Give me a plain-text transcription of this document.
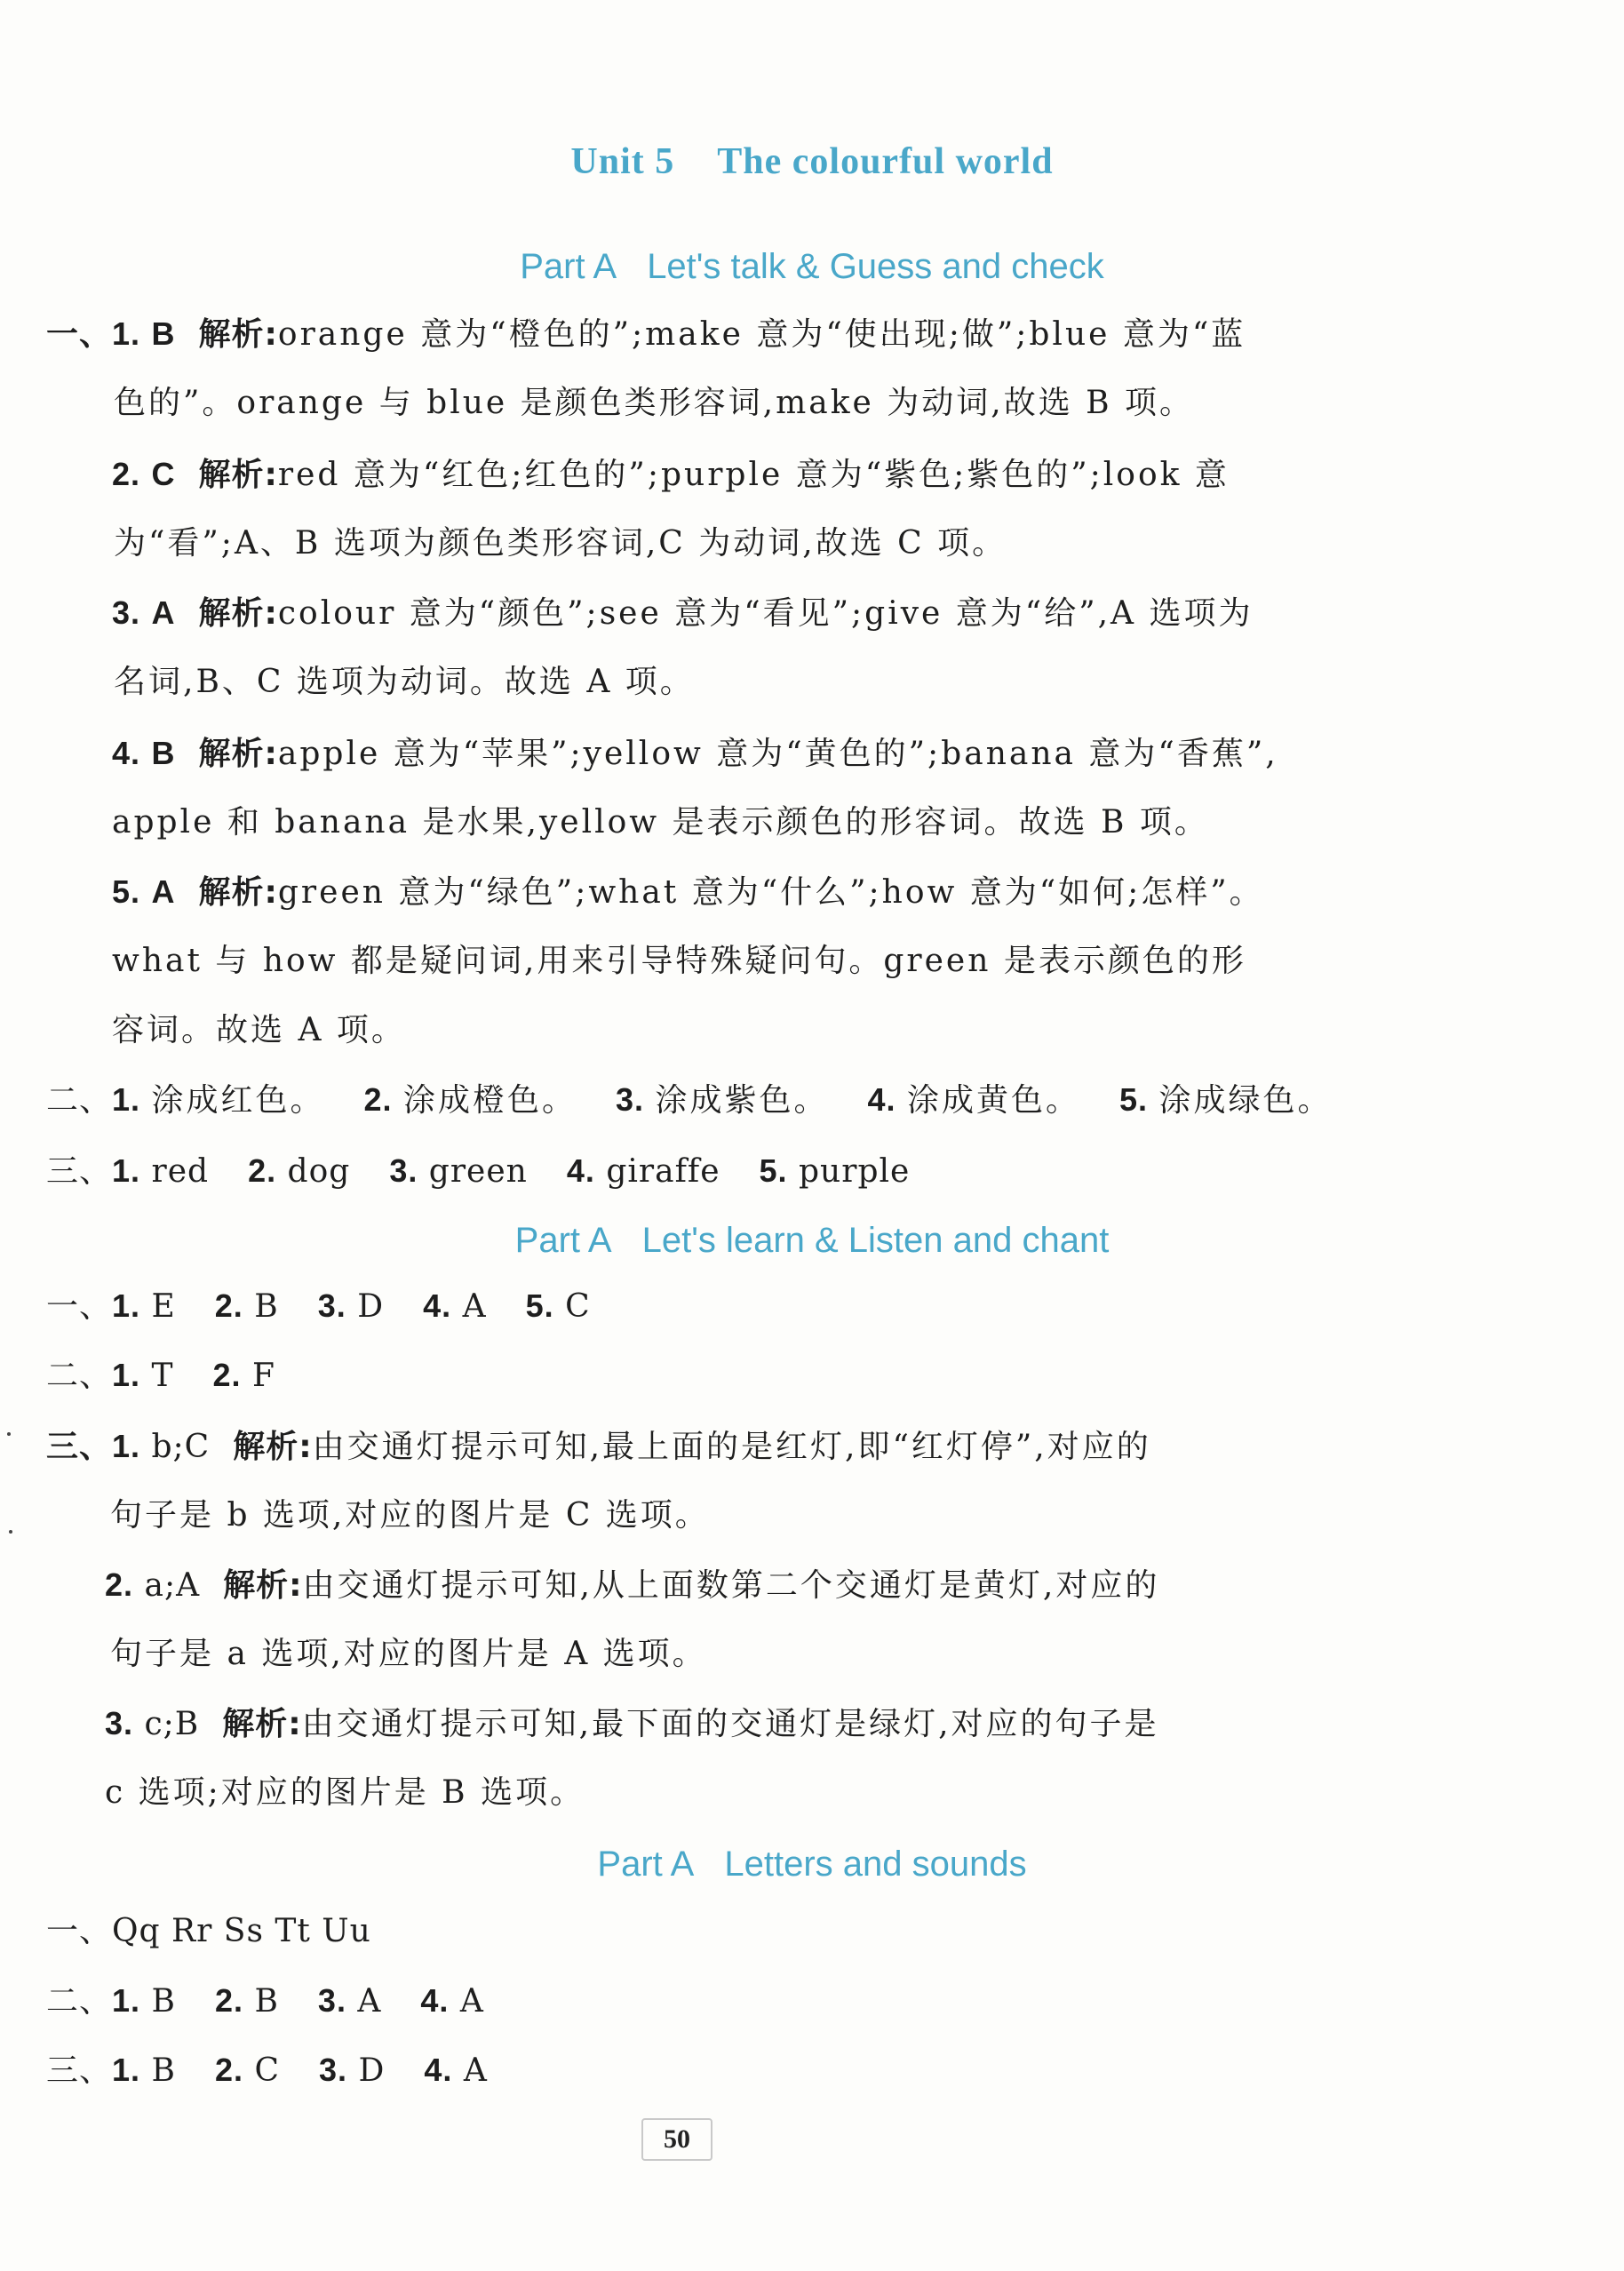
Unit 5 The colourful world
Part A Let's talk & Guess and check
一、1. B 解析:orange 意为“橙色的”;make 意为“使出现;做”;blue 意为“蓝
色的”。orange 与 blue 是颜色类形容词,make 为动词,故选 B 项。
2. C 解析:red 意为“红色;红色的”;purple 意为“紫色;紫色的”;look 意
为“看”;A、B 选项为颜色类形容词,C 为动词,故选 C 项。
3. A 解析:colour 意为“颜色”;see 意为“看见”;give 意为“给”,A 选项为
名词,B、C 选项为动词。故选 A 项。
4. B 解析:apple 意为“苹果”;yellow 意为“黄色的”;banana 意为“香蕉”,
apple 和 banana 是水果,yellow 是表示颜色的形容词。故选 B 项。
5. A 解析:green 意为“绿色”;what 意为“什么”;how 意为“如何;怎样”。
what 与 how 都是疑问词,用来引导特殊疑问句。green 是表示颜色的形
容词。故选 A 项。
二、1. 涂成红色。 2. 涂成橙色。 3. 涂成紫色。 4. 涂成黄色。 5. 涂成绿色。
三、1. red 2. dog 3. green 4. giraffe 5. purple
Part A Let's learn & Listen and chant
一、1. E 2. B 3. D 4. A 5. C
二、1. T 2. F
三、1. b;C 解析:由交通灯提示可知,最上面的是红灯,即“红灯停”,对应的
句子是 b 选项,对应的图片是 C 选项。
2. a;A 解析:由交通灯提示可知,从上面数第二个交通灯是黄灯,对应的
句子是 a 选项,对应的图片是 A 选项。
3. c;B 解析:由交通灯提示可知,最下面的交通灯是绿灯,对应的句子是
c 选项;对应的图片是 B 选项。
Part A Letters and sounds
一、Qq Rr Ss Tt Uu
二、1. B 2. B 3. A 4. A
三、1. B 2. C 3. D 4. A
50
